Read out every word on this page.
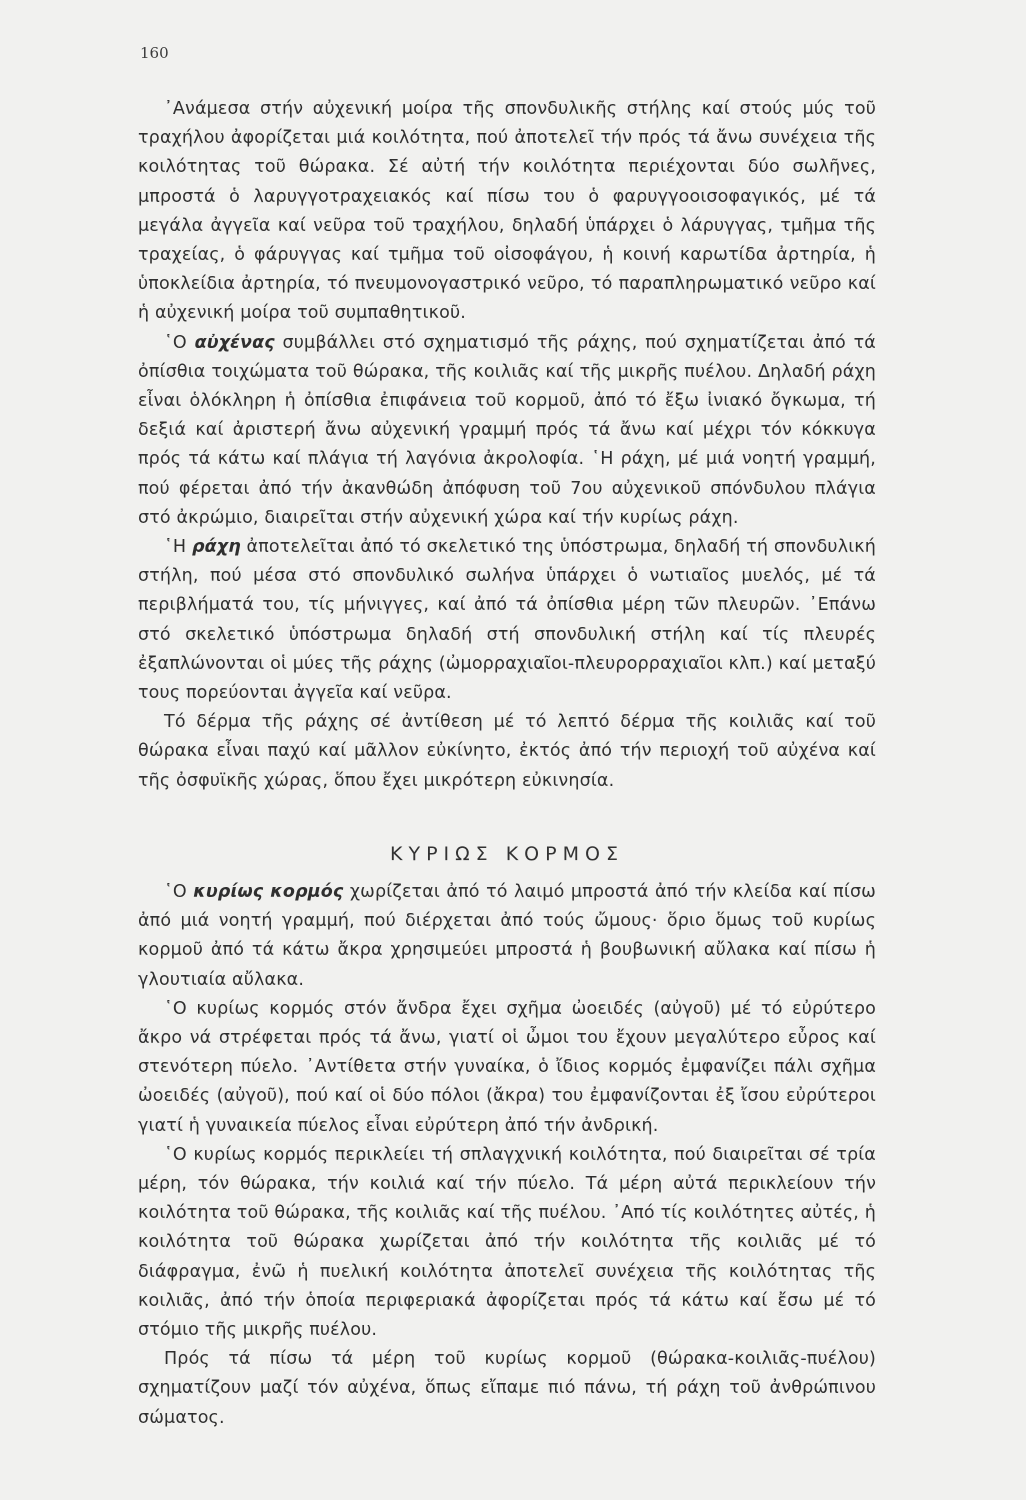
160

᾿Ανάμεσα στήν αὐχενική μοίρα τῆς σπονδυλικῆς στήλης καί στούς μύς τοῦ τραχήλου ἀφορίζεται μιά κοιλότητα, πού ἀποτελεῖ τήν πρός τά ἄνω συνέχεια τῆς κοιλότητας τοῦ θώρακα. Σέ αὐτή τήν κοιλότητα περιέχονται δύο σωλῆνες, μπροστά ὁ λαρυγγοτραχειακός καί πίσω του ὁ φαρυγγοοισοφαγικός, μέ τά μεγάλα ἀγγεῖα καί νεῦρα τοῦ τραχήλου, δηλαδή ὑπάρχει ὁ λάρυγγας, τμῆμα τῆς τραχείας, ὁ φάρυγγας καί τμῆμα τοῦ οἰσοφάγου, ἡ κοινή καρωτίδα ἀρτηρία, ἡ ὑποκλείδια ἀρτηρία, τό πνευμονογαστρικό νεῦρο, τό παραπληρωματικό νεῦρο καί ἡ αὐχενική μοίρα τοῦ συμπαθητικοῦ.

῾Ο αὐχένας συμβάλλει στό σχηματισμό τῆς ράχης, πού σχηματίζεται ἀπό τά ὀπίσθια τοιχώματα τοῦ θώρακα, τῆς κοιλιᾶς καί τῆς μικρῆς πυέλου. Δηλαδή ράχη εἶναι ὁλόκληρη ἡ ὀπίσθια ἐπιφάνεια τοῦ κορμοῦ, ἀπό τό ἔξω ἰνιακό ὄγκωμα, τή δεξιά καί ἀριστερή ἄνω αὐχενική γραμμή πρός τά ἄνω καί μέχρι τόν κόκκυγα πρός τά κάτω καί πλάγια τή λαγόνια ἀκρολοφία. ῾Η ράχη, μέ μιά νοητή γραμμή, πού φέρεται ἀπό τήν ἀκανθώδη ἀπόφυση τοῦ 7ου αὐχενικοῦ σπόνδυλου πλάγια στό ἀκρώμιο, διαιρεῖται στήν αὐχενική χώρα καί τήν κυρίως ράχη.

῾Η ράχη ἀποτελεῖται ἀπό τό σκελετικό της ὑπόστρωμα, δηλαδή τή σπονδυλική στήλη, πού μέσα στό σπονδυλικό σωλήνα ὑπάρχει ὁ νωτιαῖος μυελός, μέ τά περιβλήματά του, τίς μήνιγγες, καί ἀπό τά ὀπίσθια μέρη τῶν πλευρῶν. ᾿Επάνω στό σκελετικό ὑπόστρωμα δηλαδή στή σπονδυλική στήλη καί τίς πλευρές ἐξαπλώνονται οἱ μύες τῆς ράχης (ὠμορραχιαῖοι-πλευρορραχιαῖοι κλπ.) καί μεταξύ τους πορεύονται ἀγγεῖα καί νεῦρα.

Τό δέρμα τῆς ράχης σέ ἀντίθεση μέ τό λεπτό δέρμα τῆς κοιλιᾶς καί τοῦ θώρακα εἶναι παχύ καί μᾶλλον εὐκίνητο, ἐκτός ἀπό τήν περιοχή τοῦ αὐχένα καί τῆς ὀσφυϊκῆς χώρας, ὅπου ἔχει μικρότερη εὐκινησία.

ΚΥΡΙΩΣ ΚΟΡΜΟΣ

῾Ο κυρίως κορμός χωρίζεται ἀπό τό λαιμό μπροστά ἀπό τήν κλείδα καί πίσω ἀπό μιά νοητή γραμμή, πού διέρχεται ἀπό τούς ὤμους· ὅριο ὅμως τοῦ κυρίως κορμοῦ ἀπό τά κάτω ἄκρα χρησιμεύει μπροστά ἡ βουβωνική αὔλακα καί πίσω ἡ γλουτιαία αὔλακα.

῾Ο κυρίως κορμός στόν ἄνδρα ἔχει σχῆμα ὠοειδές (αὐγοῦ) μέ τό εὐρύτερο ἄκρο νά στρέφεται πρός τά ἄνω, γιατί οἱ ὦμοι του ἔχουν μεγαλύτερο εὖρος καί στενότερη πύελο. ᾿Αντίθετα στήν γυναίκα, ὁ ἴδιος κορμός ἐμφανίζει πάλι σχῆμα ὠοειδές (αὐγοῦ), πού καί οἱ δύο πόλοι (ἄκρα) του ἐμφανίζονται ἐξ ἴσου εὐρύτεροι γιατί ἡ γυναικεία πύελος εἶναι εὐρύτερη ἀπό τήν ἀνδρική.

῾Ο κυρίως κορμός περικλείει τή σπλαγχνική κοιλότητα, πού διαιρεῖται σέ τρία μέρη, τόν θώρακα, τήν κοιλιά καί τήν πύελο. Τά μέρη αὐτά περικλείουν τήν κοιλότητα τοῦ θώρακα, τῆς κοιλιᾶς καί τῆς πυέλου. ᾿Από τίς κοιλότητες αὐτές, ἡ κοιλότητα τοῦ θώρακα χωρίζεται ἀπό τήν κοιλότητα τῆς κοιλιᾶς μέ τό διάφραγμα, ἐνῶ ἡ πυελική κοιλότητα ἀποτελεῖ συνέχεια τῆς κοιλότητας τῆς κοιλιᾶς, ἀπό τήν ὁποία περιφεριακά ἀφορίζεται πρός τά κάτω καί ἔσω μέ τό στόμιο τῆς μικρῆς πυέλου.

Πρός τά πίσω τά μέρη τοῦ κυρίως κορμοῦ (θώρακα-κοιλιᾶς-πυέλου) σχηματίζουν μαζί τόν αὐχένα, ὅπως εἴπαμε πιό πάνω, τή ράχη τοῦ ἀνθρώπινου σώματος.
